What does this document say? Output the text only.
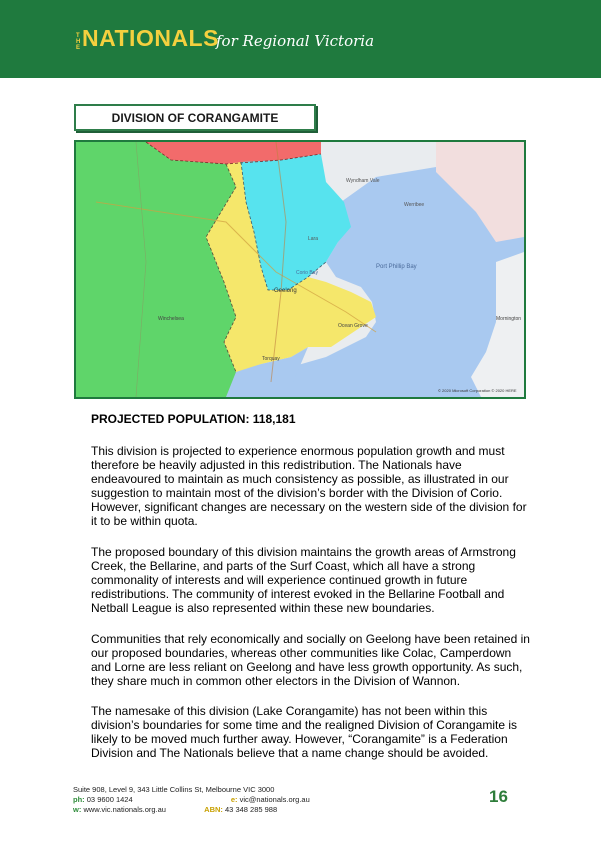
THE NATIONALS
for Regional Victoria
DIVISION OF CORANGAMITE
Port Phillip Bay
Corio Bay
Wyndham Vale
Werribee
Lara
Geelong
Winchelsea
Torquay
Ocean Grove
Mornington
© 2020 Microsoft Corporation © 2020 HERE
PROJECTED POPULATION: 118,181

This division is projected to experience enormous population growth and must therefore be heavily adjusted in this redistribution. The Nationals have endeavoured to maintain as much consistency as possible, as illustrated in our suggestion to maintain most of the division’s border with the Division of Corio. However, significant changes are necessary on the western side of the division for it to be within quota.

The proposed boundary of this division maintains the growth areas of Armstrong Creek, the Bellarine, and parts of the Surf Coast, which all have a strong commonality of interests and will experience continued growth in future redistributions. The community of interest evoked in the Bellarine Football and Netball League is also represented within these new boundaries.

Communities that rely economically and socially on Geelong have been retained in our proposed boundaries, whereas other communities like Colac, Camperdown and Lorne are less reliant on Geelong and have less growth opportunity. As such, they share much in common other electors in the Division of Wannon.

The namesake of this division (Lake Corangamite) has not been within this division’s boundaries for some time and the realigned Division of Corangamite is likely to be moved much further away. However, “Corangamite” is a Federation Division and The Nationals believe that a name change should be avoided.

Suite 908, Level 9, 343 Little Collins St, Melbourne VIC 3000
ph: 03 9600 1424	e: vic@nationals.org.au
w: www.vic.nationals.org.au	ABN: 43 348 285 988
16
